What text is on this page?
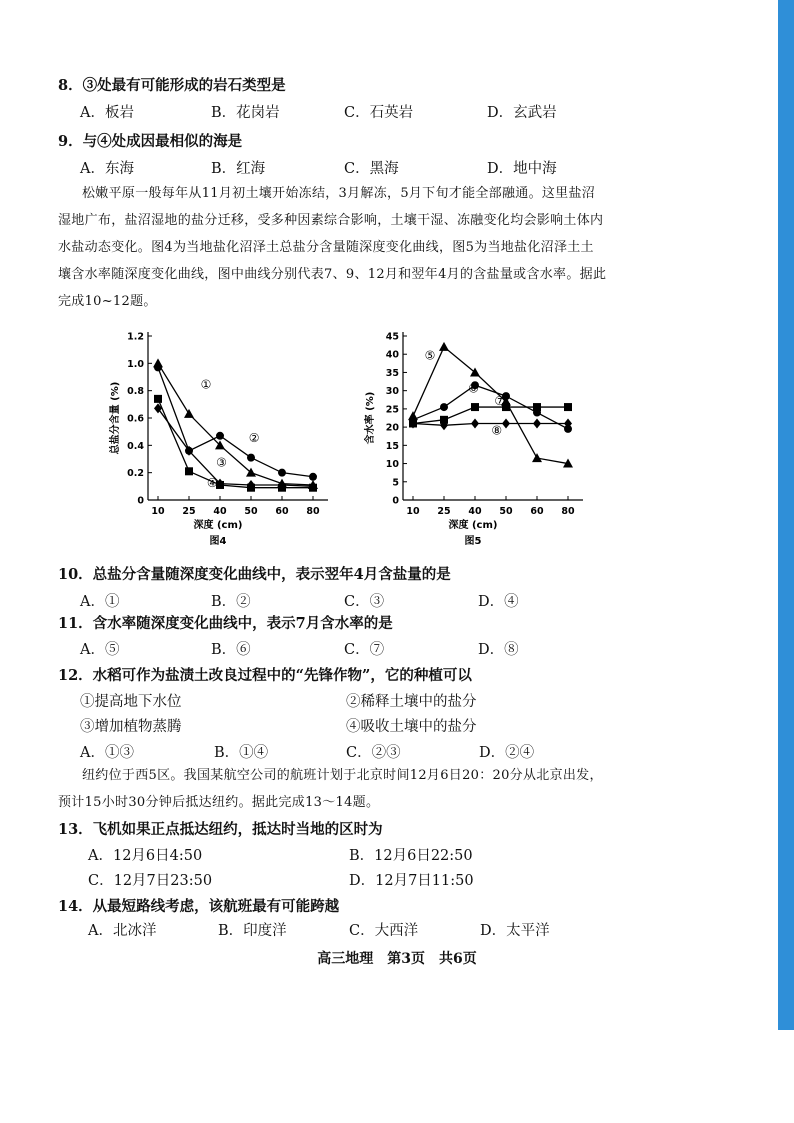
8．③处最有可能形成的岩石类型是
A．板岩	B．花岗岩	C．石英岩	D．玄武岩
9．与④处成因最相似的海是
A．东海	B．红海	C．黑海	D．地中海
松嫩平原一般每年从11月初土壤开始冻结，3月解冻，5月下旬才能全部融通。这里盐沼
湿地广布，盐沼湿地的盐分迁移，受多种因素综合影响，土壤干湿、冻融变化均会影响土体内
水盐动态变化。图4为当地盐化沼泽土总盐分含量随深度变化曲线，图5为当地盐化沼泽土土
壤含水率随深度变化曲线，图中曲线分别代表7、9、12月和翌年4月的含盐量或含水率。据此
完成10~12题。
0
0.2
0.4
0.6
0.8
1.0
1.2
10 25 40 50 60 80
深度 (cm)
总盐分含量 (%)
图4
①
②
③
④
0
5
10
15
20
25
30
35
40
45
10 25 40 50 60 80
深度 (cm)
含水率 (%)
图5
⑤
⑥
⑦
⑧
10．总盐分含量随深度变化曲线中，表示翌年4月含盐量的是
A．①	B．②	C．③	D．④
11．含水率随深度变化曲线中，表示7月含水率的是
A．⑤	B．⑥	C．⑦	D．⑧
12．水稻可作为盐渍土改良过程中的“先锋作物”，它的种植可以
①提高地下水位	②稀释土壤中的盐分
③增加植物蒸腾	④吸收土壤中的盐分
A．①③	B．①④	C．②③	D．②④
纽约位于西5区。我国某航空公司的航班计划于北京时间12月6日20：20分从北京出发，
预计15小时30分钟后抵达纽约。据此完成13～14题。
13．飞机如果正点抵达纽约，抵达时当地的区时为
A．12月6日4:50	B．12月6日22:50
C．12月7日23:50	D．12月7日11:50
14．从最短路线考虑，该航班最有可能跨越
A．北冰洋	B．印度洋	C．大西洋	D．太平洋
高三地理　第3页　共6页
